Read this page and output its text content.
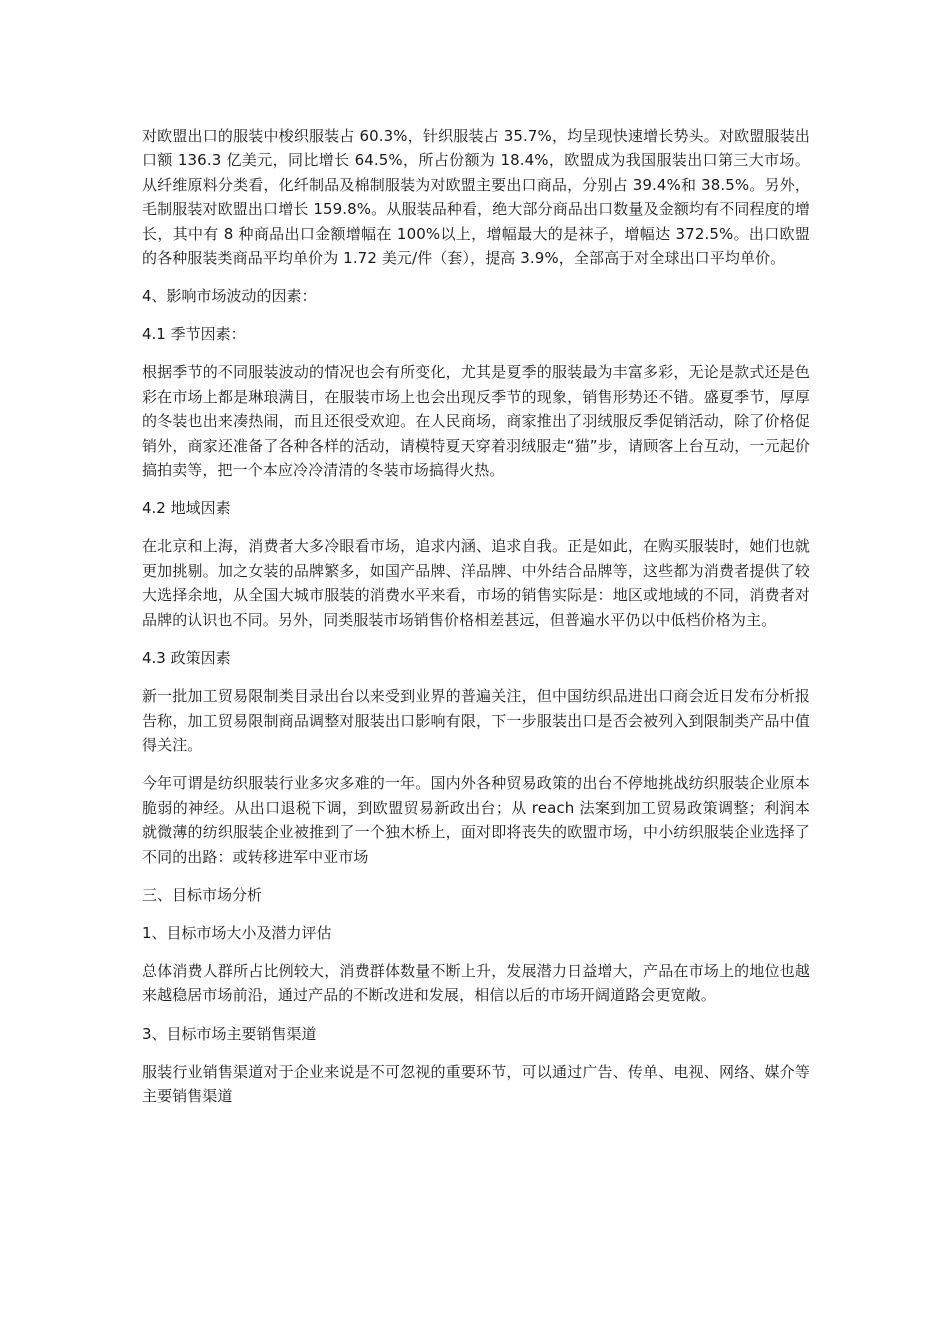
对欧盟出口的服装中梭织服装占 60.3%，针织服装占 35.7%，均呈现快速增长势头。对欧盟服装出口额 136.3 亿美元，同比增长 64.5%，所占份额为 18.4%，欧盟成为我国服装出口第三大市场。从纤维原料分类看，化纤制品及棉制服装为对欧盟主要出口商品，分别占 39.4%和 38.5%。另外，毛制服装对欧盟出口增长 159.8%。从服装品种看，绝大部分商品出口数量及金额均有不同程度的增长，其中有 8 种商品出口金额增幅在 100%以上，增幅最大的是袜子，增幅达 372.5%。出口欧盟的各种服装类商品平均单价为 1.72 美元/件（套），提高 3.9%，全部高于对全球出口平均单价。

4、影响市场波动的因素：

4.1 季节因素：

根据季节的不同服装波动的情况也会有所变化，尤其是夏季的服装最为丰富多彩，无论是款式还是色彩在市场上都是琳琅满目，在服装市场上也会出现反季节的现象，销售形势还不错。盛夏季节，厚厚的冬装也出来凑热闹，而且还很受欢迎。在人民商场，商家推出了羽绒服反季促销活动，除了价格促销外，商家还准备了各种各样的活动，请模特夏天穿着羽绒服走“猫”步，请顾客上台互动，一元起价搞拍卖等，把一个本应冷冷清清的冬装市场搞得火热。

4.2 地域因素

在北京和上海，消费者大多冷眼看市场，追求内涵、追求自我。正是如此，在购买服装时，她们也就更加挑剔。加之女装的品牌繁多，如国产品牌、洋品牌、中外结合品牌等，这些都为消费者提供了较大选择余地，从全国大城市服装的消费水平来看，市场的销售实际是：地区或地域的不同，消费者对品牌的认识也不同。另外，同类服装市场销售价格相差甚远，但普遍水平仍以中低档价格为主。

4.3 政策因素

新一批加工贸易限制类目录出台以来受到业界的普遍关注，但中国纺织品进出口商会近日发布分析报告称，加工贸易限制商品调整对服装出口影响有限，下一步服装出口是否会被列入到限制类产品中值得关注。

今年可谓是纺织服装行业多灾多难的一年。国内外各种贸易政策的出台不停地挑战纺织服装企业原本脆弱的神经。从出口退税下调，到欧盟贸易新政出台；从 reach 法案到加工贸易政策调整；利润本就微薄的纺织服装企业被推到了一个独木桥上，面对即将丧失的欧盟市场，中小纺织服装企业选择了不同的出路：或转移进军中亚市场

三、目标市场分析

1、目标市场大小及潜力评估

总体消费人群所占比例较大，消费群体数量不断上升，发展潜力日益增大，产品在市场上的地位也越来越稳居市场前沿，通过产品的不断改进和发展，相信以后的市场开阔道路会更宽敞。

3、目标市场主要销售渠道

服装行业销售渠道对于企业来说是不可忽视的重要环节，可以通过广告、传单、电视、网络、媒介等主要销售渠道
